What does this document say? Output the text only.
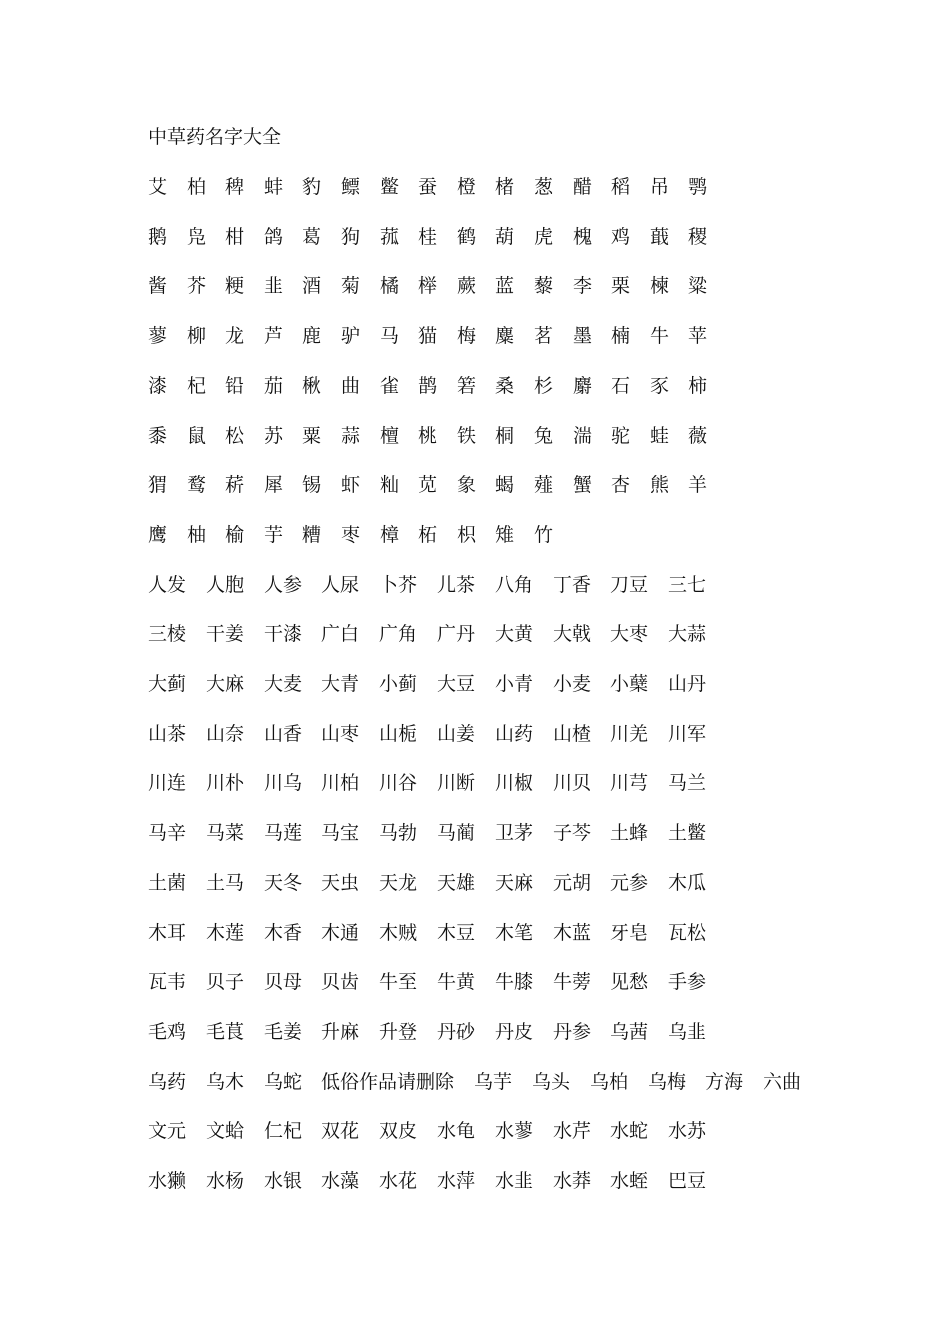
中草药名字大全
艾 柏 稗 蚌 豹 鳔 鳖 蚕 橙 楮 葱 醋 稻 吊 鹗
鹅 凫 柑 鸽 葛 狗 菰 桂 鹤 葫 虎 槐 鸡 蕺 稷
酱 芥 粳 韭 酒 菊 橘 榉 蕨 蓝 藜 李 栗 楝 粱
蓼 柳 龙 芦 鹿 驴 马 猫 梅 麋 茗 墨 楠 牛 苹
漆 杞 铅 茄 楸 曲 雀 鹊 箬 桑 杉 麝 石 豕 柿
黍 鼠 松 苏 粟 蒜 檀 桃 铁 桐 兔 湍 驼 蛙 薇
猬 鹜 菥 犀 锡 虾 籼 苋 象 蝎 薤 蟹 杏 熊 羊
鹰 柚 榆 芋 糟 枣 樟 柘 枳 雉 竹
人发 人胞 人参 人尿 卜芥 儿茶 八角 丁香 刀豆 三七
三棱 干姜 干漆 广白 广角 广丹 大黄 大戟 大枣 大蒜
大蓟 大麻 大麦 大青 小蓟 大豆 小青 小麦 小蘖 山丹
山茶 山奈 山香 山枣 山栀 山姜 山药 山楂 川羌 川军
川连 川朴 川乌 川柏 川谷 川断 川椒 川贝 川芎 马兰
马辛 马菜 马莲 马宝 马勃 马蔺 卫茅 子芩 土蜂 土鳖
土菌 土马 天冬 天虫 天龙 天雄 天麻 元胡 元参 木瓜
木耳 木莲 木香 木通 木贼 木豆 木笔 木蓝 牙皂 瓦松
瓦韦 贝子 贝母 贝齿 牛至 牛黄 牛膝 牛蒡 见愁 手参
毛鸡 毛茛 毛姜 升麻 升登 丹砂 丹皮 丹参 乌茜 乌韭
乌药 乌木 乌蛇 低俗作品请删除 乌芋 乌头 乌柏 乌梅 方海 六曲
文元 文蛤 仁杞 双花 双皮 水龟 水蓼 水芹 水蛇 水苏
水獭 水杨 水银 水藻 水花 水萍 水韭 水莽 水蛭 巴豆
